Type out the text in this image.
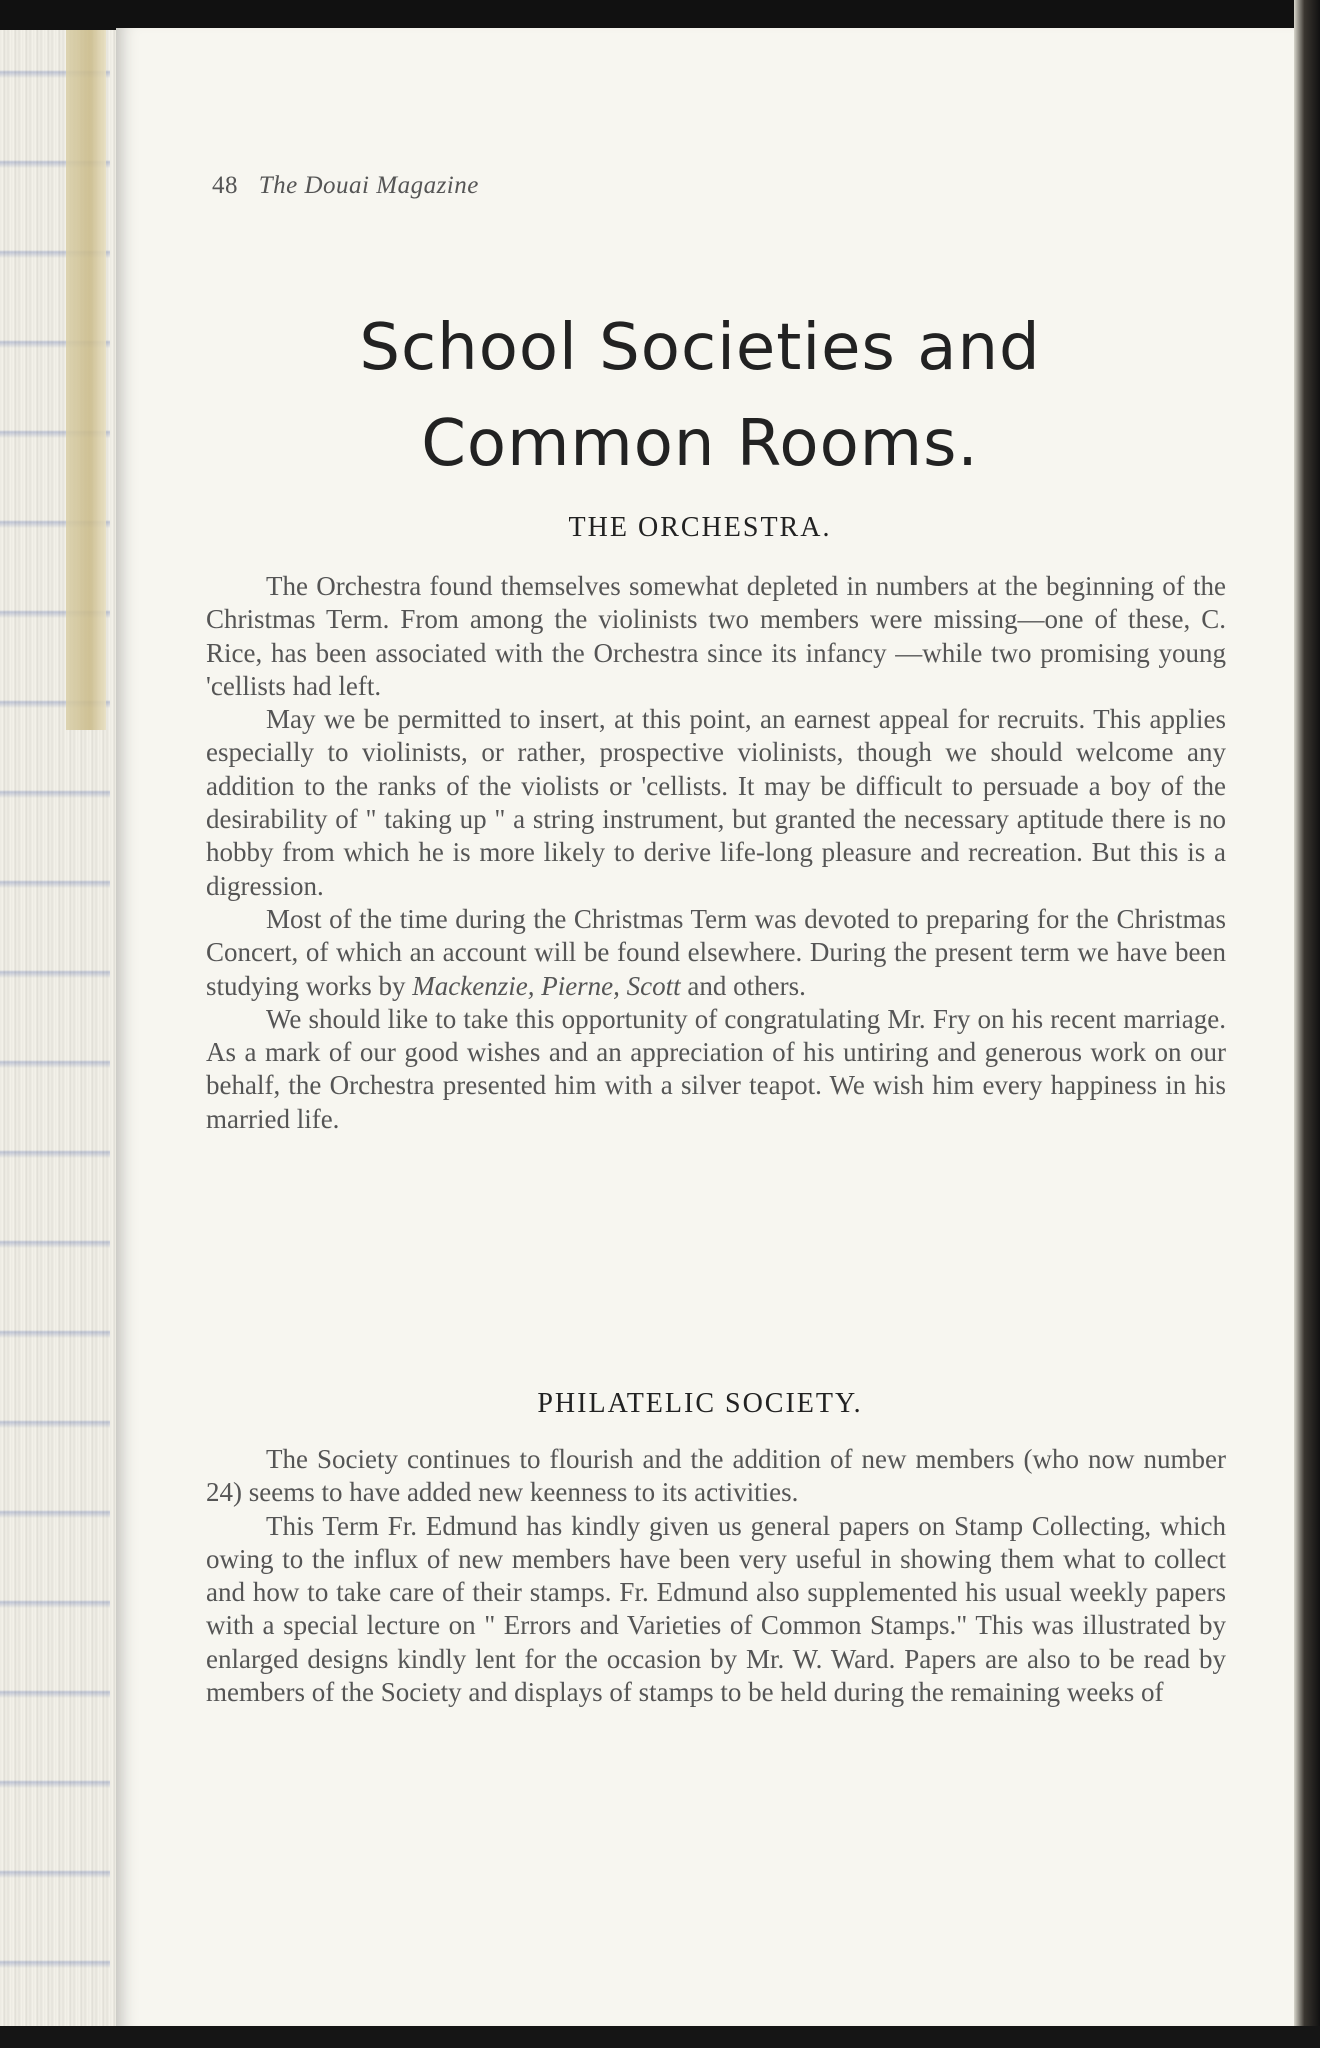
48 The Douai Magazine
School Societies and
Common Rooms.
THE ORCHESTRA.

The Orchestra found themselves somewhat depleted in numbers at the beginning of the Christmas Term. From among the violinists two members were missing—one of these, C. Rice, has been associated with the Orchestra since its infancy —while two promising young 'cellists had left.

May we be permitted to insert, at this point, an earnest appeal for recruits. This applies especially to violinists, or rather, prospective violinists, though we should welcome any addition to the ranks of the violists or 'cellists. It may be difficult to persuade a boy of the desirability of " taking up " a string instrument, but granted the necessary aptitude there is no hobby from which he is more likely to derive life-long pleasure and recreation. But this is a digression.

Most of the time during the Christmas Term was devoted to preparing for the Christmas Concert, of which an account will be found elsewhere. During the present term we have been studying works by Mackenzie, Pierne, Scott and others.

We should like to take this opportunity of congratulating Mr. Fry on his recent marriage. As a mark of our good wishes and an appreciation of his untiring and generous work on our behalf, the Orchestra presented him with a silver teapot. We wish him every happiness in his married life.

PHILATELIC SOCIETY.

The Society continues to flourish and the addition of new members (who now number 24) seems to have added new keenness to its activities.

This Term Fr. Edmund has kindly given us general papers on Stamp Collecting, which owing to the influx of new members have been very useful in showing them what to collect and how to take care of their stamps. Fr. Edmund also supplemented his usual weekly papers with a special lecture on " Errors and Varieties of Common Stamps." This was illustrated by enlarged designs kindly lent for the occasion by Mr. W. Ward. Papers are also to be read by members of the Society and displays of stamps to be held during the remaining weeks of
